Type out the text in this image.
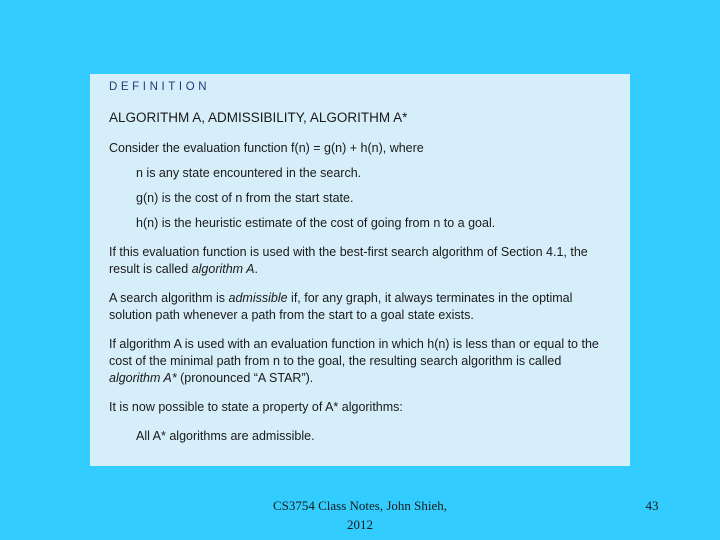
DEFINITION
ALGORITHM A, ADMISSIBILITY, ALGORITHM A*
Consider the evaluation function f(n) = g(n) + h(n), where
n is any state encountered in the search.
g(n) is the cost of n from the start state.
h(n) is the heuristic estimate of the cost of going from n to a goal.
If this evaluation function is used with the best-first search algorithm of Section 4.1, the result is called algorithm A.
A search algorithm is admissible if, for any graph, it always terminates in the optimal solution path whenever a path from the start to a goal state exists.
If algorithm A is used with an evaluation function in which h(n) is less than or equal to the cost of the minimal path from n to the goal, the resulting search algorithm is called algorithm A* (pronounced “A STAR”).
It is now possible to state a property of A* algorithms:
All A* algorithms are admissible.
CS3754 Class Notes, John Shieh,
2012
43
